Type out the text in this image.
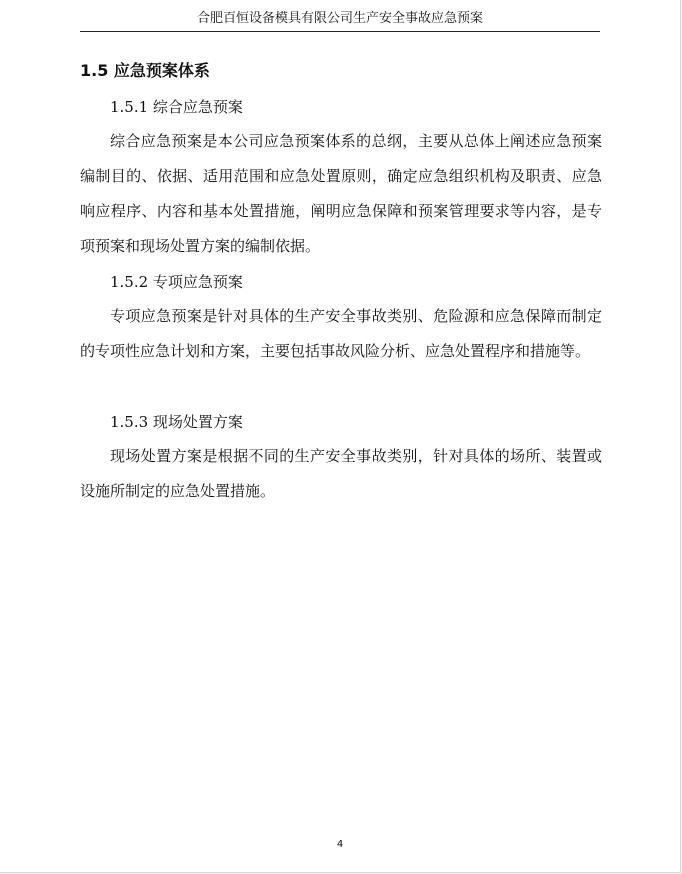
合肥百恒设备模具有限公司生产安全事故应急预案
1.5 应急预案体系
1.5.1 综合应急预案
综合应急预案是本公司应急预案体系的总纲，主要从总体上阐述应急预案编制目的、依据、适用范围和应急处置原则，确定应急组织机构及职责、应急响应程序、内容和基本处置措施，阐明应急保障和预案管理要求等内容，是专项预案和现场处置方案的编制依据。
1.5.2 专项应急预案
专项应急预案是针对具体的生产安全事故类别、危险源和应急保障而制定的专项性应急计划和方案，主要包括事故风险分析、应急处置程序和措施等。
1.5.3 现场处置方案
现场处置方案是根据不同的生产安全事故类别，针对具体的场所、装置或设施所制定的应急处置措施。
4
